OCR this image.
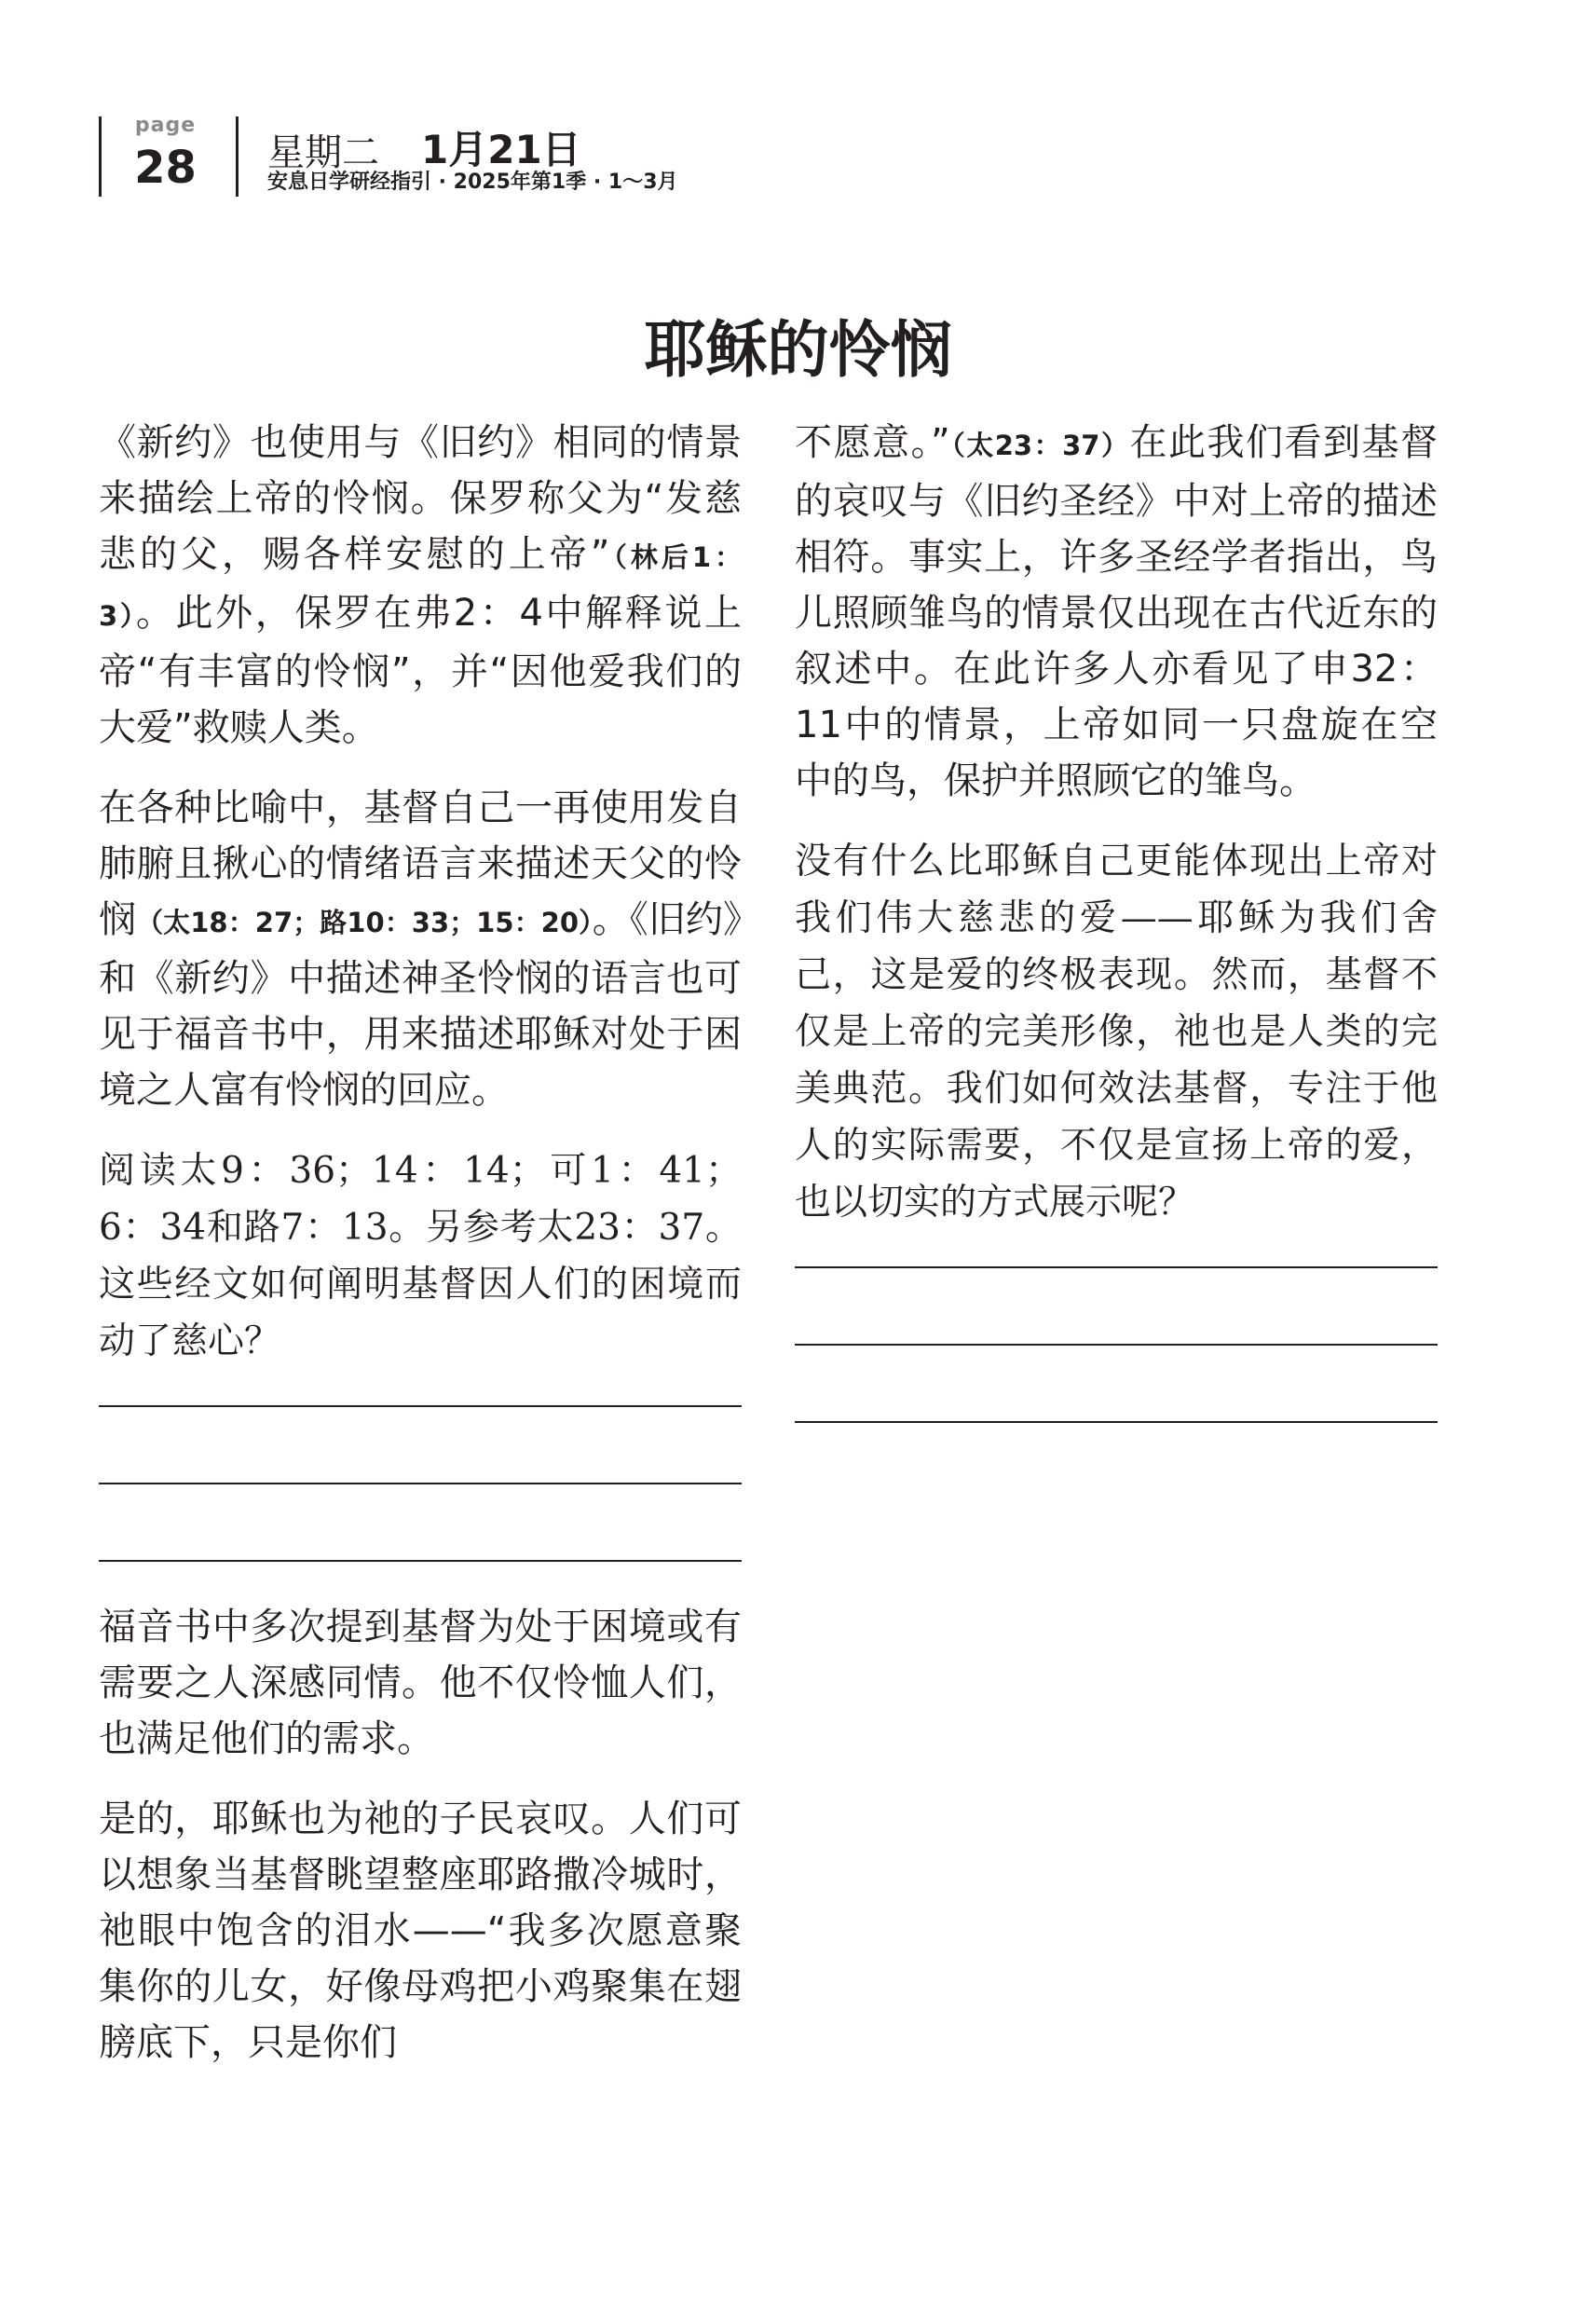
page
28	星期二 1月21日
安息日学研经指引 · 2025年第1季 · 1～3月
耶稣的怜悯

《新约》也使用与《旧约》相同的情景来描绘上帝的怜悯。保罗称父为“发慈悲的父，赐各样安慰的上帝”（林后1：3）。此外，保罗在弗2：4中解释说上帝“有丰富的怜悯”，并“因他爱我们的大爱”救赎人类。

在各种比喻中，基督自己一再使用发自肺腑且揪心的情绪语言来描述天父的怜悯（太18：27；路10：33；15：20）。《旧约》和《新约》中描述神圣怜悯的语言也可见于福音书中，用来描述耶稣对处于困境之人富有怜悯的回应。

阅读太9：36；14：14；可1：41；6：34和路7：13。另参考太23：37。这些经文如何阐明基督因人们的困境而动了慈心？

福音书中多次提到基督为处于困境或有需要之人深感同情。他不仅怜恤人们，也满足他们的需求。

是的，耶稣也为祂的子民哀叹。人们可以想象当基督眺望整座耶路撒冷城时，祂眼中饱含的泪水——“我多次愿意聚集你的儿女，好像母鸡把小鸡聚集在翅膀底下，只是你们

不愿意。”（太23：37）在此我们看到基督的哀叹与《旧约圣经》中对上帝的描述相符。事实上，许多圣经学者指出，鸟儿照顾雏鸟的情景仅出现在古代近东的叙述中。在此许多人亦看见了申32：11中的情景，上帝如同一只盘旋在空中的鸟，保护并照顾它的雏鸟。

没有什么比耶稣自己更能体现出上帝对我们伟大慈悲的爱——耶稣为我们舍己，这是爱的终极表现。然而，基督不仅是上帝的完美形像，祂也是人类的完美典范。我们如何效法基督，专注于他人的实际需要，不仅是宣扬上帝的爱，也以切实的方式展示呢？
